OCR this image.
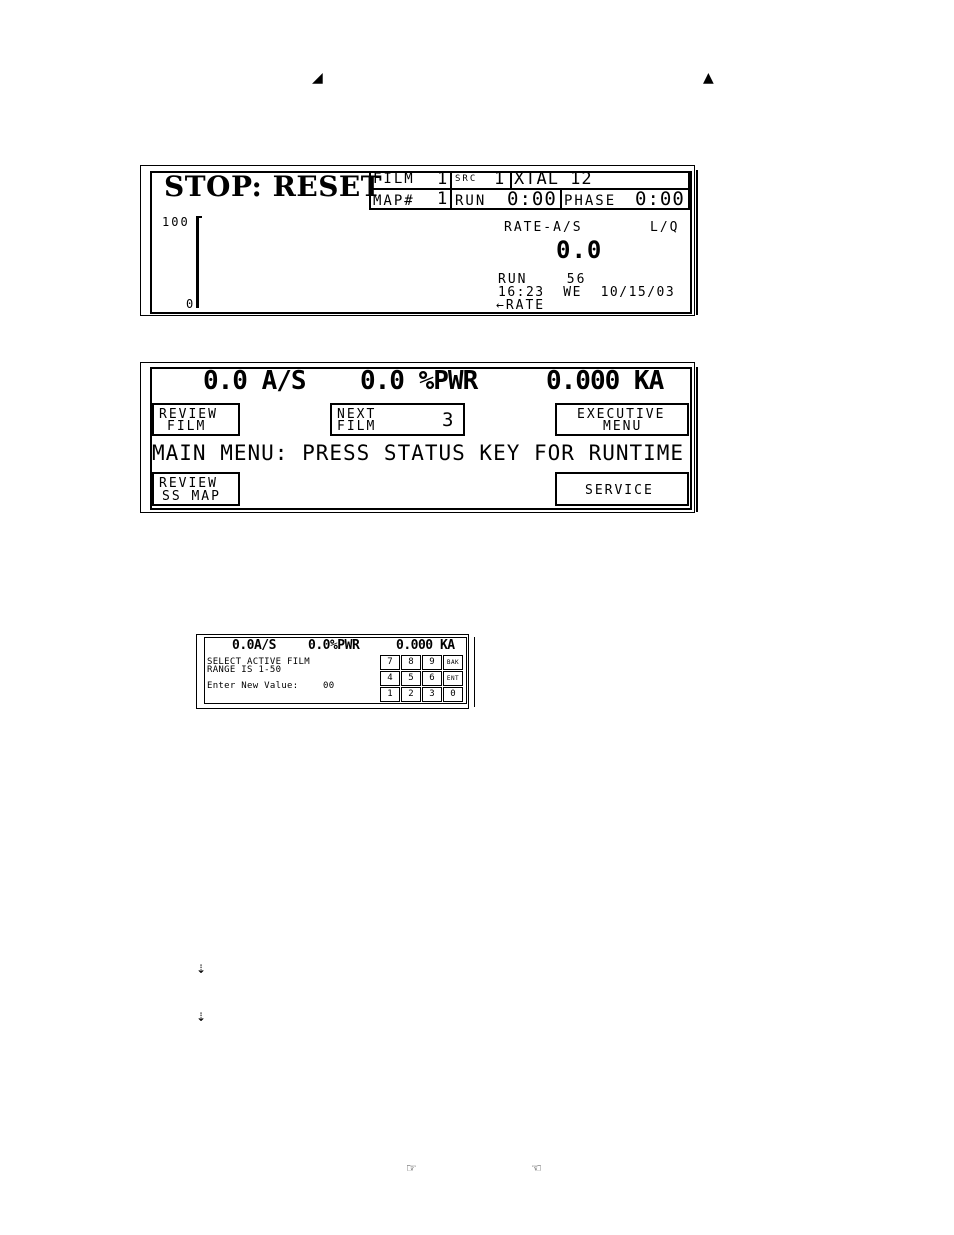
◢	▲
STOP: RESET
FILM 1 SRC 1 XTAL 12
MAP# 1 RUN 0:00 PHASE 0:00
100
0
RATE-A/S	L/Q
0.0
RUN    56
16:23  WE  10/15/03
←RATE
0.0 A/S 0.0 %PWR	0.000 KA
REVIEW
FILM
NEXT
FILM	3	EXECUTIVE
MENU
MAIN MENU: PRESS STATUS KEY FOR RUNTIME
REVIEW
SS MAP	SERVICE
0.0A/S 0.0%PWR	0.000 KA
SELECT ACTIVE FILM
RANGE IS 1-50
Enter New Value:	00
7	8	9	BAK
4	5	6	ENT
1	2	3	0
⇣
⇣
☞	☜
